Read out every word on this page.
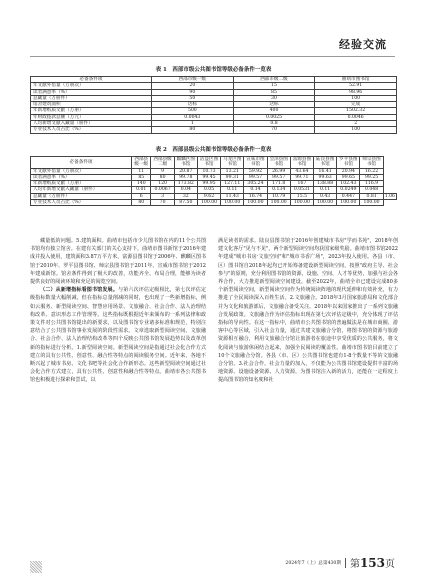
经验交流
表 1　西部市级公共图书馆等级必备条件一览表
必备条件项	西部市级一级	西部市级二级	曲靖市图书馆
年文献外借量（万册次）	20	15	52.91
读者满意率（%）	90	85	98.96
总藏量（万册件）	50	30	100
馆舍建筑面积	达标	达标	完成
年新增纸质文献（万册）	500	400	1502.32
年财政拨款总额（万元）	0.0043	0.0025	0.0046
人均新增文献入藏量（册件）	1	0.8	2
专业技术人员占比（%）	80	70	100
表 2　西部县级公共图书馆等级必备条件一览表
必备条件项	西部县级一级	西部县级二级	麒麟区图书馆	沾益区图书馆	马龙区图书馆	宣威市图书馆	会泽县图书馆	富源县图书馆	陆良县图书馆	罗平县图书馆	师宗县图书馆	
年文献外借量（万册次）	11	9	20.87	10.73	13.21	59.92	26.99	43.64	16.41	20.94	16.22	
读者满意率（%）	85	80	99.78	99.45	99.31	99.57	99.57	99.71	99.63	99.65	99.25	
年新增纸质文献（万册）	140	120	173.82	99.95	127.11	305.24	171.8	167	138.88	102.43	116.9	
人均年新增文献入藏量（册件）	0.01	0.0067	0.04	0.05	0.11	0.14	0.134	0.0531	0.11	0.0249	0.048	
总藏量（万册件）	6	3	32	9.62	11.43	16.74	10.79	15.5	0.43	0.447	0.81	1.06
专业技术人员占比（%）	80	70	87.50	100.00	100.00	100.00	100.00	100.00	100.00	100.00	100.00	

藏量低的问题。5.建筑面积。曲靖市包括市少儿图书馆在内的11个公共图书馆均有独立馆舍。在建有关部门的关心支持下，曲靖市图书新馆于2016年建成并投入使用，建筑面积3.87万平方米，富源县图书馆于2006年、麒麟区图书馆于2010年、罗平县图书馆、师宗县图书馆于2011年、宣威市图书馆于2012年建成新馆。馆舍条件得到了极大的改善，功能齐全、布局合理，能够为读者提供良好的阅读环境和充足的阅览空间。

（二）从新增指标看图书馆发展。与第六次评估定级相比，第七次评估定级指标数量大幅削减，但在指标总量削减的同时，也出现了一些新增指标，例如云服务、新型阅读空间、智慧应用场景、文旅融合、社会合作、法人治理结构改革、意识形态工作管理等。这些指标既根据近年来颁布的一系列法律和政策文件对公共图书馆提出的新要求，以及图书馆专业诸多标准和规范，特别注意结合了公共图书馆事业发展的阶段性需求。文章选取新型阅读空间、文旅融合、社会合作、法人治理结构改革等四个反映公共图书馆发展趋势以及改革创新的指标进行分析。1.新型阅读空间。新型阅读空间是指通过社会化合作方式建立的具有公共性、创意性、融合性等特点的阅读服务空间。近年来，各地不断兴起了城市书房、文化书吧等社会化合作新形态。这些新型阅读空间通过社会化合作方式建立，具有公共性、创意性和融合性等特点。曲靖市各公共图书馆也积极进行探索和尝试，以

满足读者的需求。陆良县图书馆于2016年创建城市书房"学而书苑"，2018年创建文化客厅"见与不见"，两个新型阅读空间均获国家级奖励。曲靖市图书馆2022年建成"城市书房·文旅空间"和"城市书香广场"，2023年投入使用。各县（市、区）图书馆自2018年起均已开始筹备建设新型阅读空间，按照"政府主导、社会参与"的原则，充分利用图书馆的资源，设施、空间、人才等优势，加强与社会各界合作，大力推进新型阅读空间建设。截至2022年，曲靖全市已建设完成80多个新型阅读空间，新型阅读空间作为传统阅读阵地的现代延伸和有效补充，有力推进了全民阅读深入百姓生活。2.文旅融合。2018年3月国家旅游局和文化部合并为文化和旅游部后，文旅融合备受关注。2018年以来国家推出了一系列文旅融合发展政策。文旅融合作为评估指标出现在第七次评估定级中，充分体现了评估指标的导向性。在这一指标中，曲靖市公共图书馆的普遍做法是在城市商圈、游客中心等区域，引入社会力量，通过共建文旅融合分馆，将图书馆的资源与旅游资源相互融合，利用文旅融合分馆让旅游者在旅途中享受优质的公共服务，将文化阅读与旅游休闲结合起来，加强全民阅读的覆盖性。曲靖市图书馆目前建立了10个文旅融合分馆。各县（市、区）公共图书馆也建有1-8个数量不等的文旅融合分馆。3.社会合作。社会力量的加入，不仅能为公共图书馆建设提供丰富的场地资源、设施设备资源、人力资源，为图书馆注入新的活力，还能在一定程度上提高图书馆的知名度和社

2024年7（上）总第430期 第153页
